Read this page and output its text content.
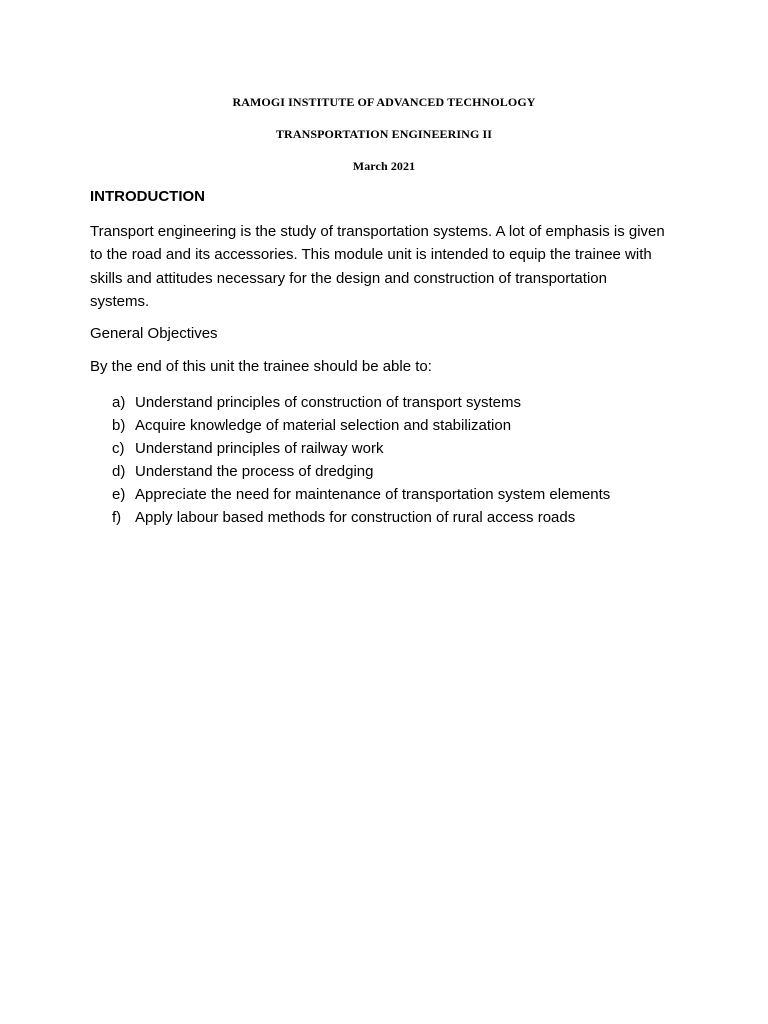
RAMOGI INSTITUTE OF ADVANCED TECHNOLOGY
TRANSPORTATION ENGINEERING II
March 2021
INTRODUCTION
Transport engineering is the study of transportation systems. A lot of emphasis is given to the road and its accessories. This module unit is intended to equip the trainee with skills and attitudes necessary for the design and construction of transportation systems.
General Objectives
By the end of this unit the trainee should be able to:
a) Understand principles of construction of transport systems
b) Acquire knowledge of material selection and stabilization
c) Understand principles of railway work
d) Understand the process of dredging
e) Appreciate the need for maintenance of transportation system elements
f) Apply labour based methods for construction of rural access roads
